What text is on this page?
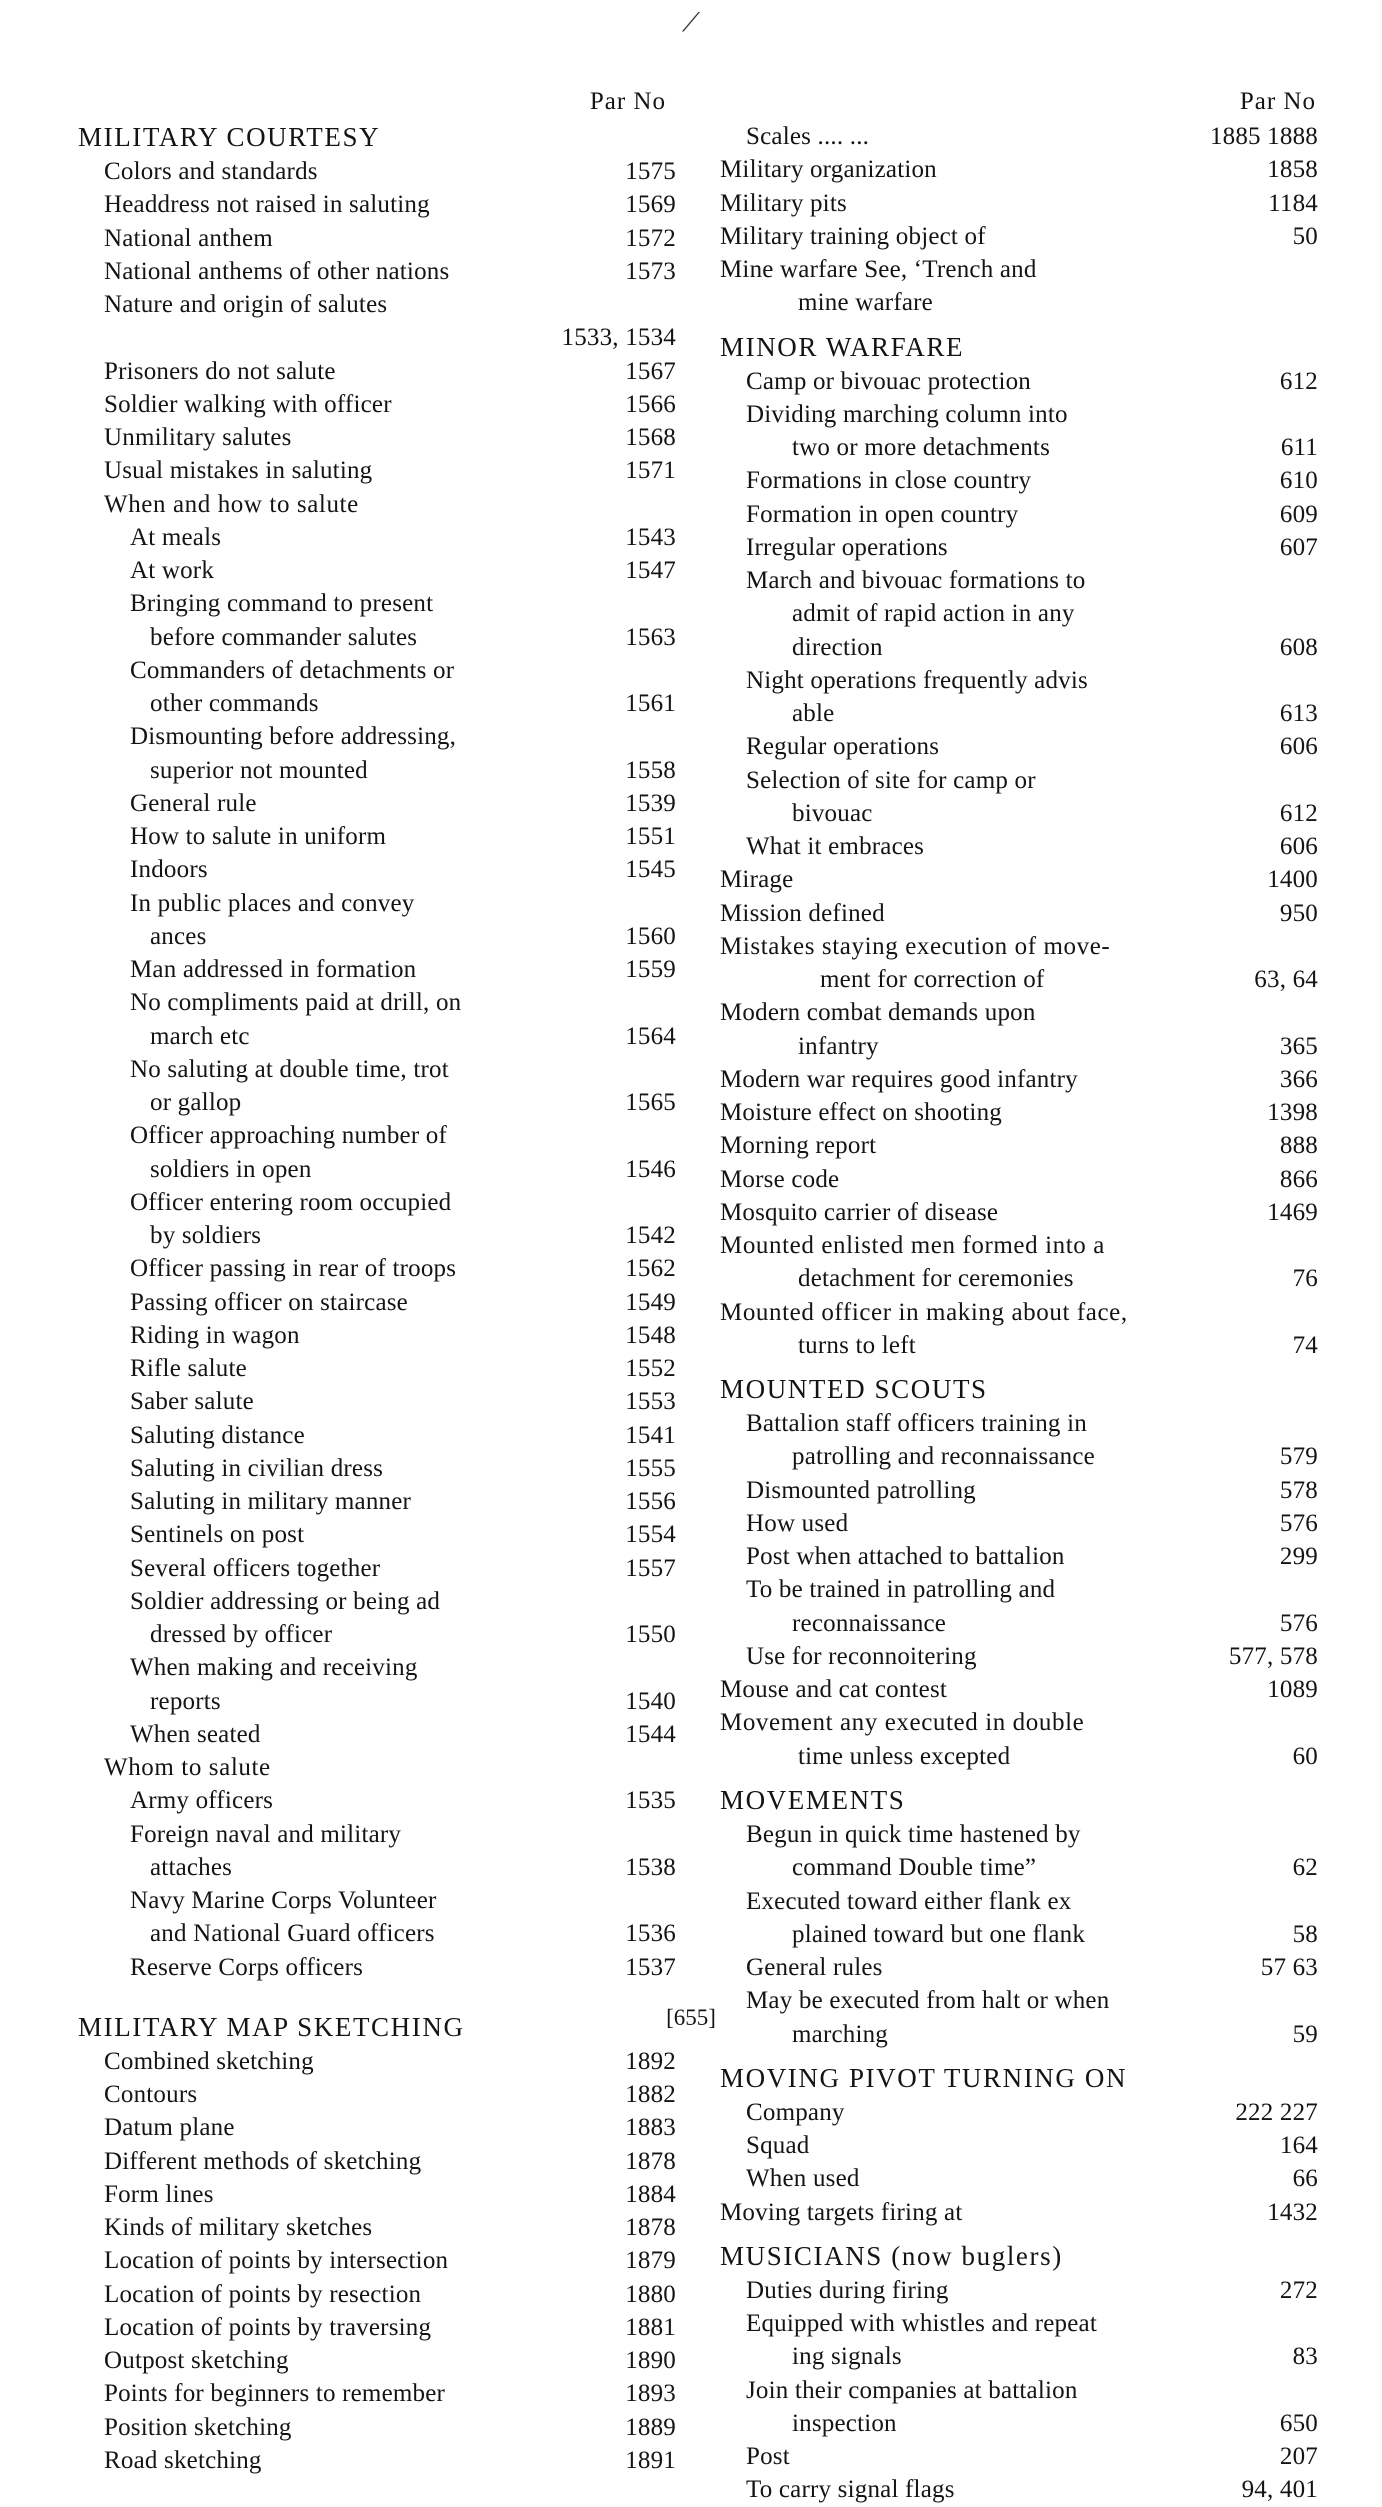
⟋
Par No
MILITARY COURTESY
Colors and standards	1575
Headdress not raised in saluting	1569
National anthem	1572
National anthems of other nations	1573
Nature and origin of salutes
1533, 1534
Prisoners do not salute	1567
Soldier walking with officer	1566
Unmilitary salutes	1568
Usual mistakes in saluting	1571
When and how to salute
At meals	1543
At work	1547
Bringing command to present
before commander salutes	1563
Commanders of detachments or
other commands	1561
Dismounting before addressing,
superior not mounted	1558
General rule	1539
How to salute in uniform	1551
Indoors	1545
In public places and convey
ances	1560
Man addressed in formation	1559
No compliments paid at drill, on
march etc	1564
No saluting at double time, trot
or gallop	1565
Officer approaching number of
soldiers in open	1546
Officer entering room occupied
by soldiers	1542
Officer passing in rear of troops	1562
Passing officer on staircase	1549
Riding in wagon	1548
Rifle salute	1552
Saber salute	1553
Saluting distance	1541
Saluting in civilian dress	1555
Saluting in military manner	1556
Sentinels on post	1554
Several officers together	1557
Soldier addressing or being ad
dressed by officer	1550
When making and receiving
reports	1540
When seated	1544
Whom to salute
Army officers	1535
Foreign naval and military
attaches	1538
Navy Marine Corps Volunteer
and National Guard officers	1536
Reserve Corps officers	1537
MILITARY MAP SKETCHING
Combined sketching	1892
Contours	1882
Datum plane	1883
Different methods of sketching	1878
Form lines	1884
Kinds of military sketches	1878
Location of points by intersection	1879
Location of points by resection	1880
Location of points by traversing	1881
Outpost sketching	1890
Points for beginners to remember	1893
Position sketching	1889
Road sketching	1891
Par No
Scales .... ...	1885 1888
Military organization	1858
Military pits	1184
Military training object of	50
Mine warfare See, ‘Trench and
mine warfare
MINOR WARFARE
Camp or bivouac protection	612
Dividing marching column into
two or more detachments	611
Formations in close country	610
Formation in open country	609
Irregular operations	607
March and bivouac formations to
admit of rapid action in any
direction	608
Night operations frequently advis
able	613
Regular operations	606
Selection of site for camp or
bivouac	612
What it embraces	606
Mirage	1400
Mission defined	950
Mistakes staying execution of move-
ment for correction of	63, 64
Modern combat demands upon
infantry	365
Modern war requires good infantry	366
Moisture effect on shooting	1398
Morning report	888
Morse code	866
Mosquito carrier of disease	1469
Mounted enlisted men formed into a
detachment for ceremonies	76
Mounted officer in making about face,
turns to left	74
MOUNTED SCOUTS
Battalion staff officers training in
patrolling and reconnaissance	579
Dismounted patrolling	578
How used	576
Post when attached to battalion	299
To be trained in patrolling and
reconnaissance	576
Use for reconnoitering	577, 578
Mouse and cat contest	1089
Movement any executed in double
time unless excepted	60
MOVEMENTS
Begun in quick time hastened by
command Double time”	62
Executed toward either flank ex
plained toward but one flank	58
General rules	57 63
May be executed from halt or when
marching	59
MOVING PIVOT TURNING ON
Company	222 227
Squad	164
When used	66
Moving targets firing at	1432
MUSICIANS (now buglers)
Duties during firing	272
Equipped with whistles and repeat
ing signals	83
Join their companies at battalion
inspection	650
Post	207
To carry signal flags	94, 401
[655]
